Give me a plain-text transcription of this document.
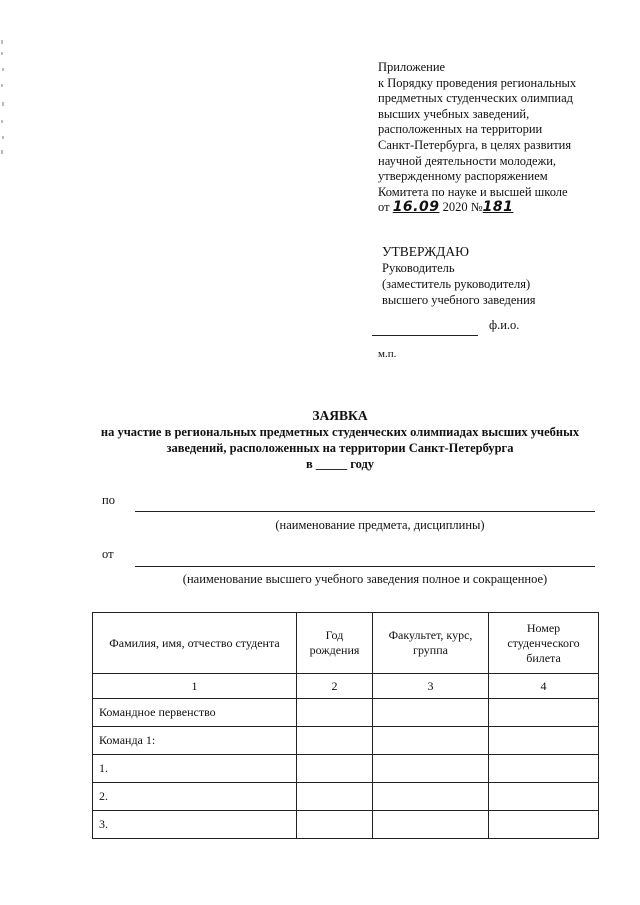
Приложение
к Порядку проведения региональных
предметных студенческих олимпиад
высших учебных заведений,
расположенных на территории
Санкт-Петербурга, в целях развития
научной деятельности молодежи,
утвержденному распоряжением
Комитета по науке и высшей школе
от 16.09 2020 №181
УТВЕРЖДАЮ
Руководитель
(заместитель руководителя)
высшего учебного заведения
ф.и.о.
м.п.
ЗАЯВКА
на участие в региональных предметных студенческих олимпиадах высших учебных
заведений, расположенных на территории Санкт-Петербурга
в _____ году
по
(наименование предмета, дисциплины)
от
(наименование высшего учебного заведения полное и сокращенное)
Фамилия, имя, отчество студента	Год рождения	Факультет, курс, группа	Номер студенческого билета
1	2	3	4
Командное первенство			
Команда 1:			
1.			
2.			
3.			
